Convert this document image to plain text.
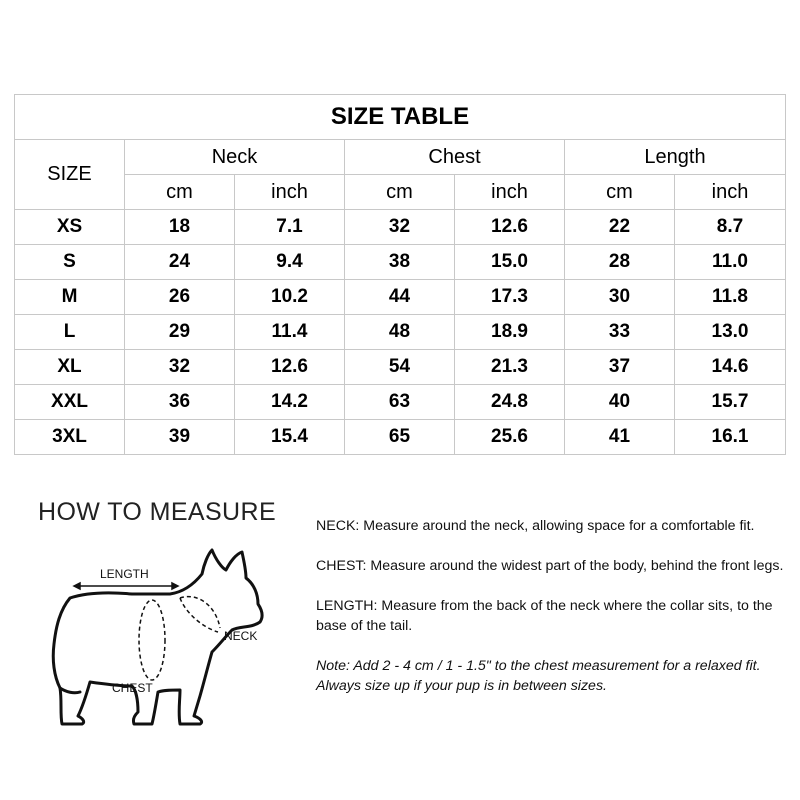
SIZE TABLE						
SIZE	Neck		Chest		Length	
	cm	inch	cm	inch	cm	inch
XS	18	7.1	32	12.6	22	8.7
S	24	9.4	38	15.0	28	11.0
M	26	10.2	44	17.3	30	11.8
L	29	11.4	48	18.9	33	13.0
XL	32	12.6	54	21.3	37	14.6
XXL	36	14.2	63	24.8	40	15.7
3XL	39	15.4	65	25.6	41	16.1
HOW TO MEASURE
LENGTH
NECK
CHEST

NECK: Measure around the neck, allowing space for a comfortable fit.

CHEST: Measure around the widest part of the body, behind the front legs.

LENGTH: Measure from the back of the neck where the collar sits, to the base of the tail.

Note: Add 2 - 4 cm / 1 - 1.5" to the chest measurement for a relaxed fit. Always size up if your pup is in between sizes.
